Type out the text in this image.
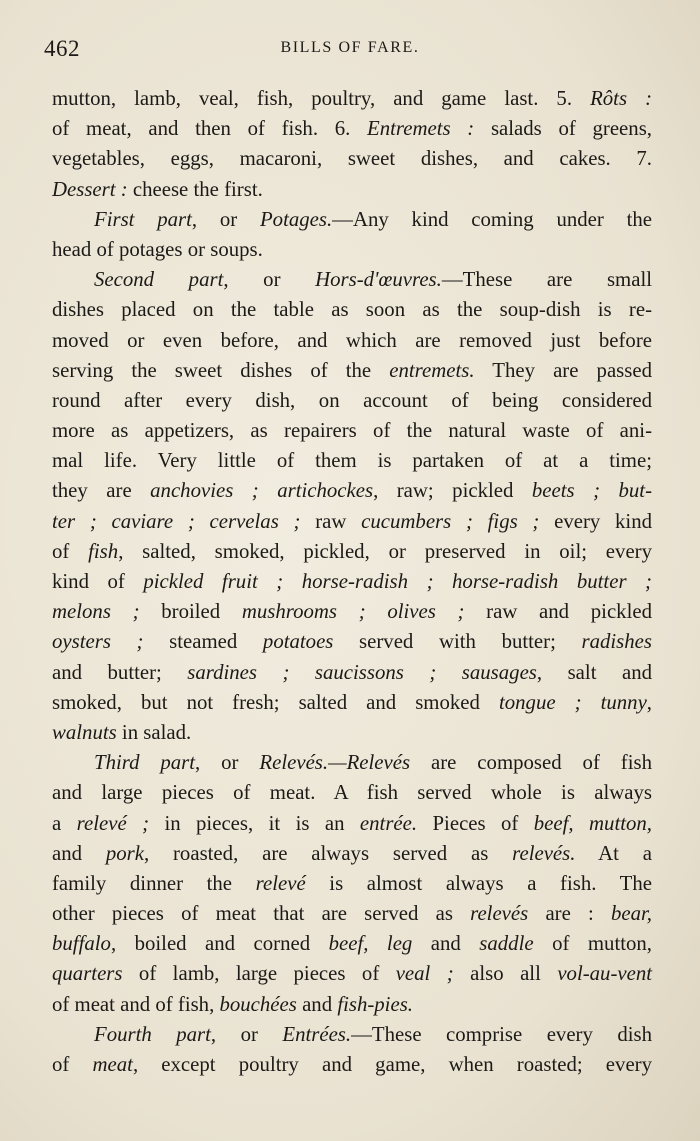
462	BILLS OF FARE.
mutton, lamb, veal, fish, poultry, and game last. 5. Rôts :
of meat, and then of fish. 6. Entremets : salads of greens,
vegetables, eggs, macaroni, sweet dishes, and cakes. 7.
Dessert : cheese the first.
First part, or Potages.—Any kind coming under the
head of potages or soups.
Second part, or Hors-d'œuvres.—These are small
dishes placed on the table as soon as the soup-dish is re-
moved or even before, and which are removed just before
serving the sweet dishes of the entremets. They are passed
round after every dish, on account of being considered
more as appetizers, as repairers of the natural waste of ani-
mal life. Very little of them is partaken of at a time;
they are anchovies ; artichockes, raw; pickled beets ; but-
ter ; caviare ; cervelas ; raw cucumbers ; figs ; every kind
of fish, salted, smoked, pickled, or preserved in oil; every
kind of pickled fruit ; horse-radish ; horse-radish butter ;
melons ; broiled mushrooms ; olives ; raw and pickled
oysters ; steamed potatoes served with butter; radishes
and butter; sardines ; saucissons ; sausages, salt and
smoked, but not fresh; salted and smoked tongue ; tunny,
walnuts in salad.
Third part, or Relevés.—Relevés are composed of fish
and large pieces of meat. A fish served whole is always
a relevé ; in pieces, it is an entrée. Pieces of beef, mutton,
and pork, roasted, are always served as relevés. At a
family dinner the relevé is almost always a fish. The
other pieces of meat that are served as relevés are : bear,
buffalo, boiled and corned beef, leg and saddle of mutton,
quarters of lamb, large pieces of veal ; also all vol-au-vent
of meat and of fish, bouchées and fish-pies.
Fourth part, or Entrées.—These comprise every dish
of meat, except poultry and game, when roasted; every
